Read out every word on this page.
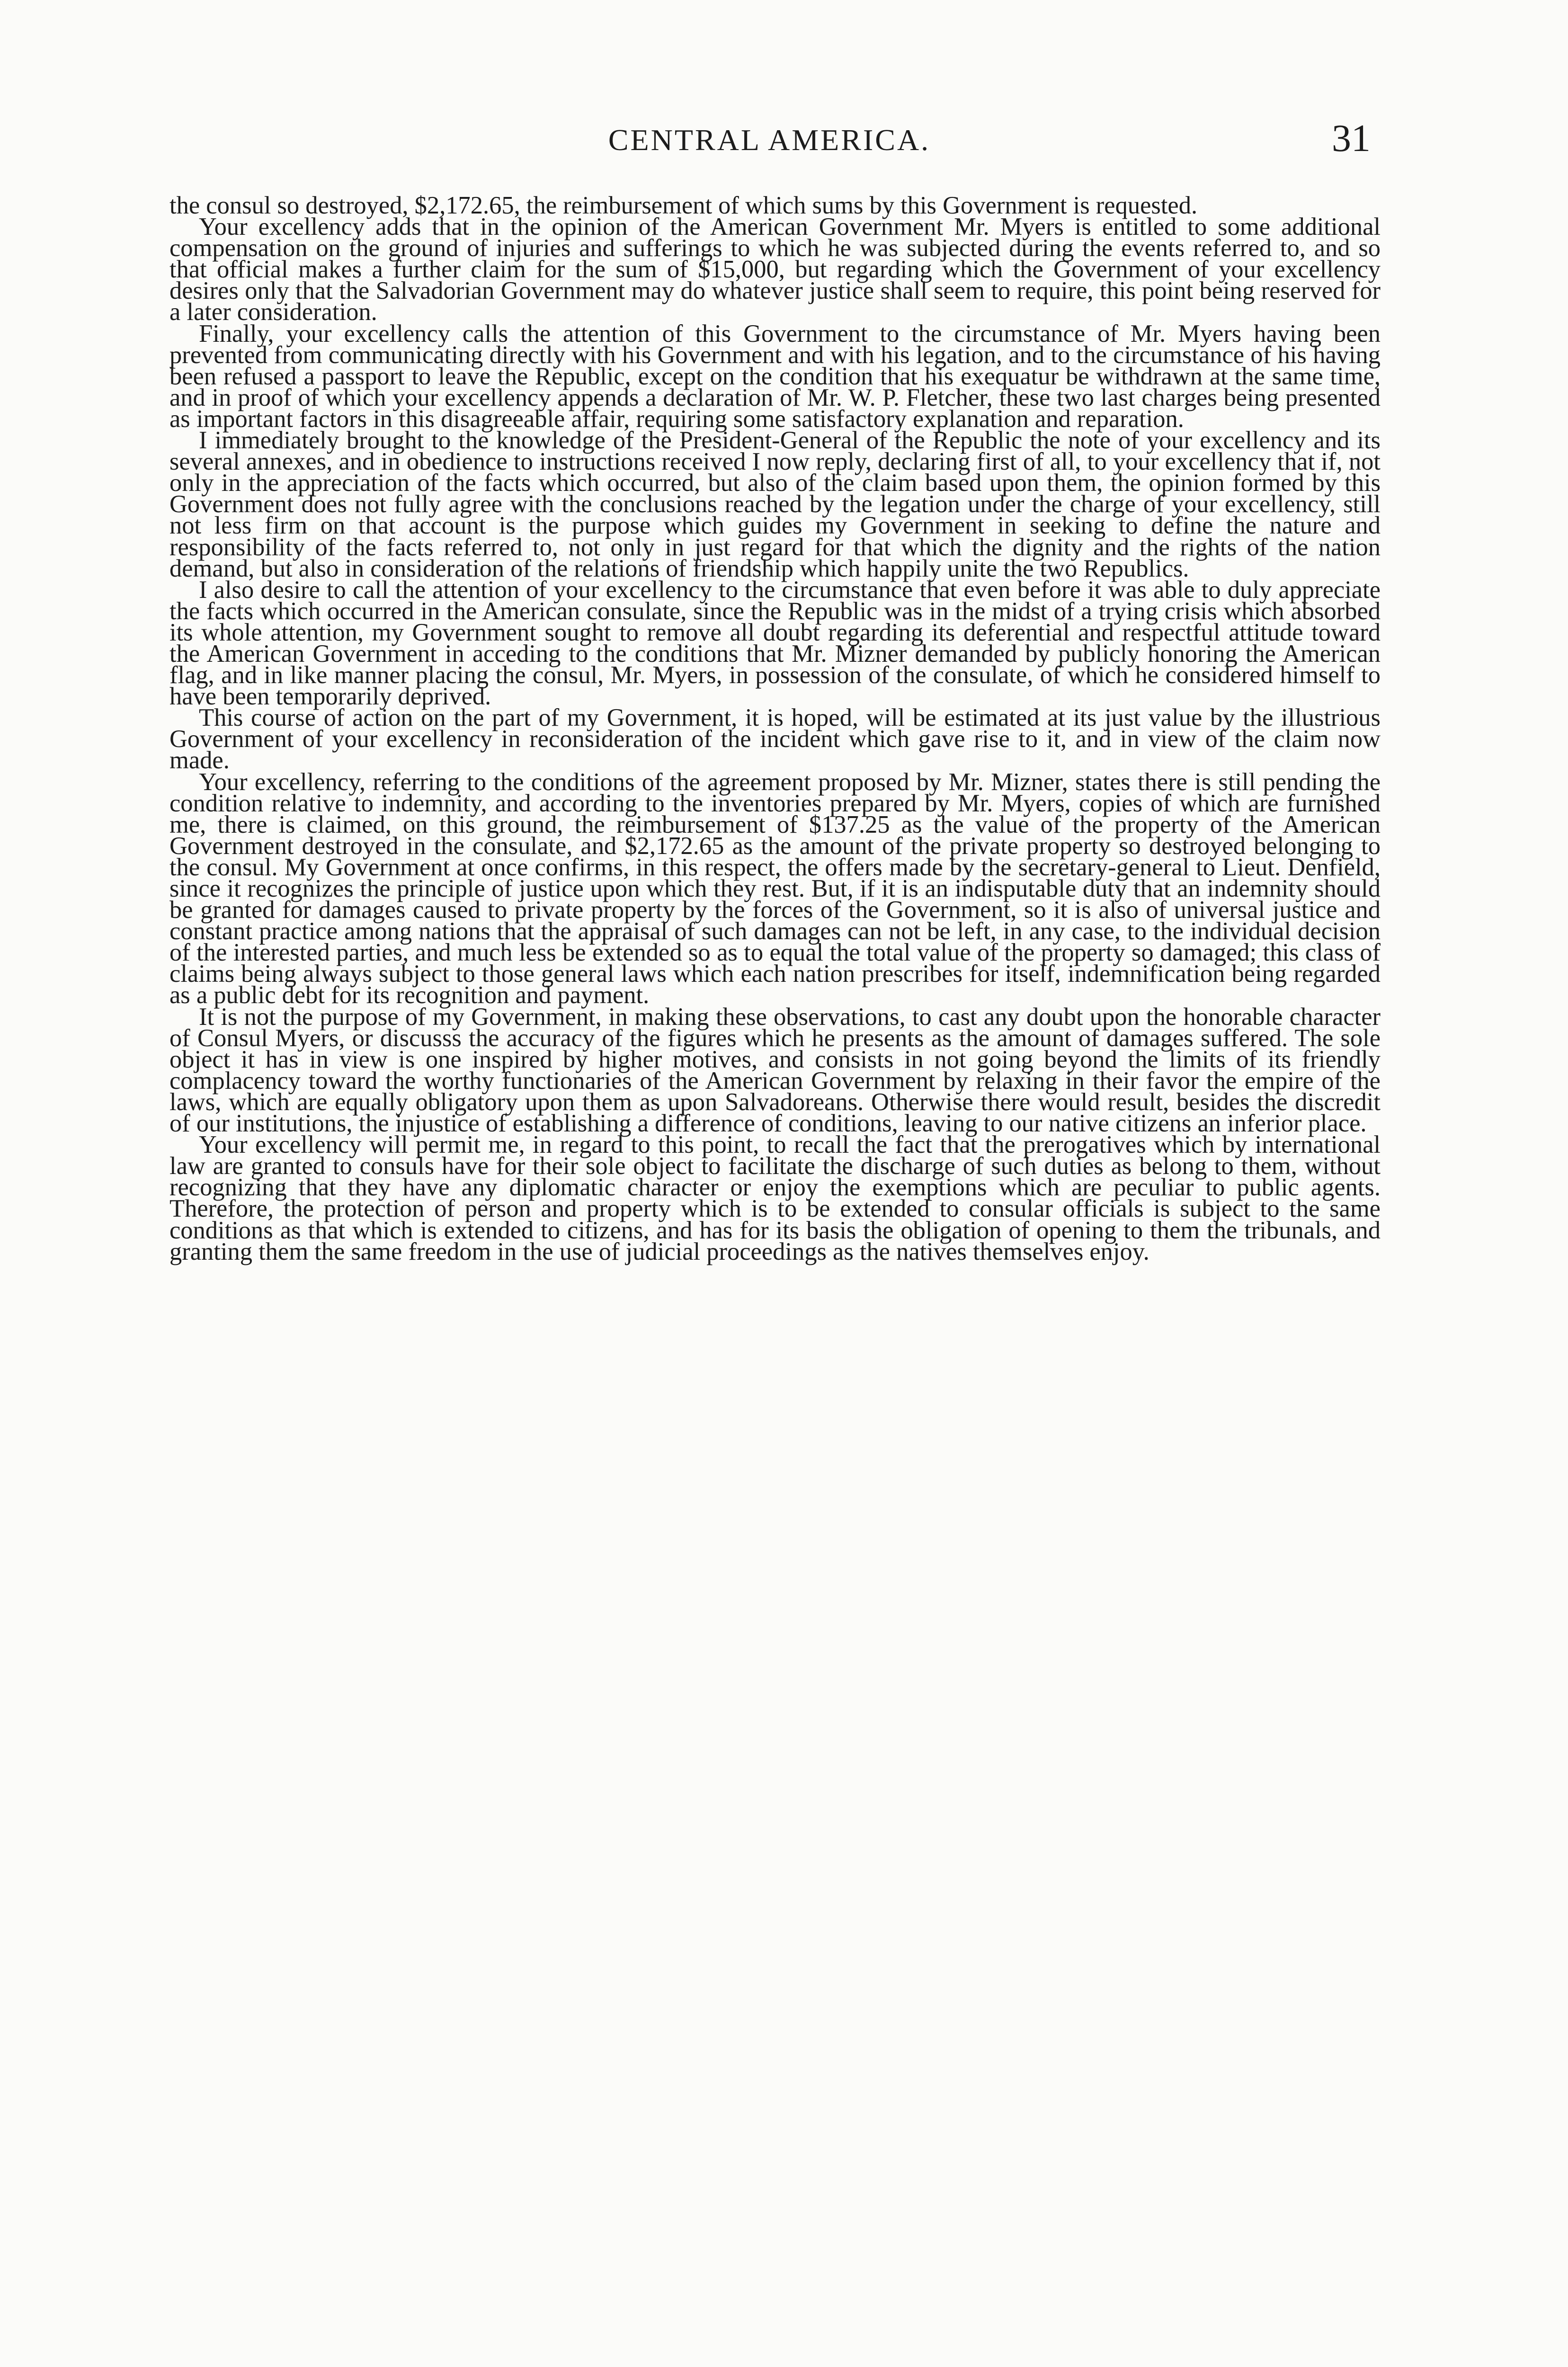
CENTRAL AMERICA.	31

the consul so destroyed, $2,172.65, the reimbursement of which sums by this Government is requested.

Your excellency adds that in the opinion of the American Government Mr. Myers is entitled to some additional compensation on the ground of injuries and sufferings to which he was subjected during the events referred to, and so that official makes a further claim for the sum of $15,000, but regarding which the Government of your excellency desires only that the Salvadorian Government may do whatever justice shall seem to require, this point being reserved for a later consideration.

Finally, your excellency calls the attention of this Government to the circumstance of Mr. Myers having been prevented from communicating directly with his Government and with his legation, and to the circumstance of his having been refused a passport to leave the Republic, except on the condition that his exequatur be withdrawn at the same time, and in proof of which your excellency appends a declaration of Mr. W. P. Fletcher, these two last charges being presented as important factors in this disagreeable affair, requiring some satisfactory explanation and reparation.

I immediately brought to the knowledge of the President-General of the Republic the note of your excellency and its several annexes, and in obedience to instructions received I now reply, declaring first of all, to your excellency that if, not only in the appreciation of the facts which occurred, but also of the claim based upon them, the opinion formed by this Government does not fully agree with the conclusions reached by the legation under the charge of your excellency, still not less firm on that account is the purpose which guides my Government in seeking to define the nature and responsibility of the facts referred to, not only in just regard for that which the dignity and the rights of the nation demand, but also in consideration of the relations of friendship which happily unite the two Republics.

I also desire to call the attention of your excellency to the circumstance that even before it was able to duly appreciate the facts which occurred in the American consulate, since the Republic was in the midst of a trying crisis which absorbed its whole attention, my Government sought to remove all doubt regarding its deferential and respectful attitude toward the American Government in acceding to the conditions that Mr. Mizner demanded by publicly honoring the American flag, and in like manner placing the consul, Mr. Myers, in possession of the consulate, of which he considered himself to have been temporarily deprived.

This course of action on the part of my Government, it is hoped, will be estimated at its just value by the illustrious Government of your excellency in reconsideration of the incident which gave rise to it, and in view of the claim now made.

Your excellency, referring to the conditions of the agreement proposed by Mr. Mizner, states there is still pending the condition relative to indemnity, and according to the inventories prepared by Mr. Myers, copies of which are furnished me, there is claimed, on this ground, the reimbursement of $137.25 as the value of the property of the American Government destroyed in the consulate, and $2,172.65 as the amount of the private property so destroyed belonging to the consul. My Government at once confirms, in this respect, the offers made by the secretary-general to Lieut. Denfield, since it recognizes the principle of justice upon which they rest. But, if it is an indisputable duty that an indemnity should be granted for damages caused to private property by the forces of the Government, so it is also of universal justice and constant practice among nations that the appraisal of such damages can not be left, in any case, to the individual decision of the interested parties, and much less be extended so as to equal the total value of the property so damaged; this class of claims being always subject to those general laws which each nation prescribes for itself, indemnification being regarded as a public debt for its recognition and payment.

It is not the purpose of my Government, in making these observations, to cast any doubt upon the honorable character of Consul Myers, or discusss the accuracy of the figures which he presents as the amount of damages suffered. The sole object it has in view is one inspired by higher motives, and consists in not going beyond the limits of its friendly complacency toward the worthy functionaries of the American Government by relaxing in their favor the empire of the laws, which are equally obligatory upon them as upon Salvadoreans. Otherwise there would result, besides the discredit of our institutions, the injustice of establishing a difference of conditions, leaving to our native citizens an inferior place.

Your excellency will permit me, in regard to this point, to recall the fact that the prerogatives which by international law are granted to consuls have for their sole object to facilitate the discharge of such duties as belong to them, without recognizing that they have any diplomatic character or enjoy the exemptions which are peculiar to public agents. Therefore, the protection of person and property which is to be extended to consular officials is subject to the same conditions as that which is extended to citizens, and has for its basis the obligation of opening to them the tribunals, and granting them the same freedom in the use of judicial proceedings as the natives themselves enjoy.
